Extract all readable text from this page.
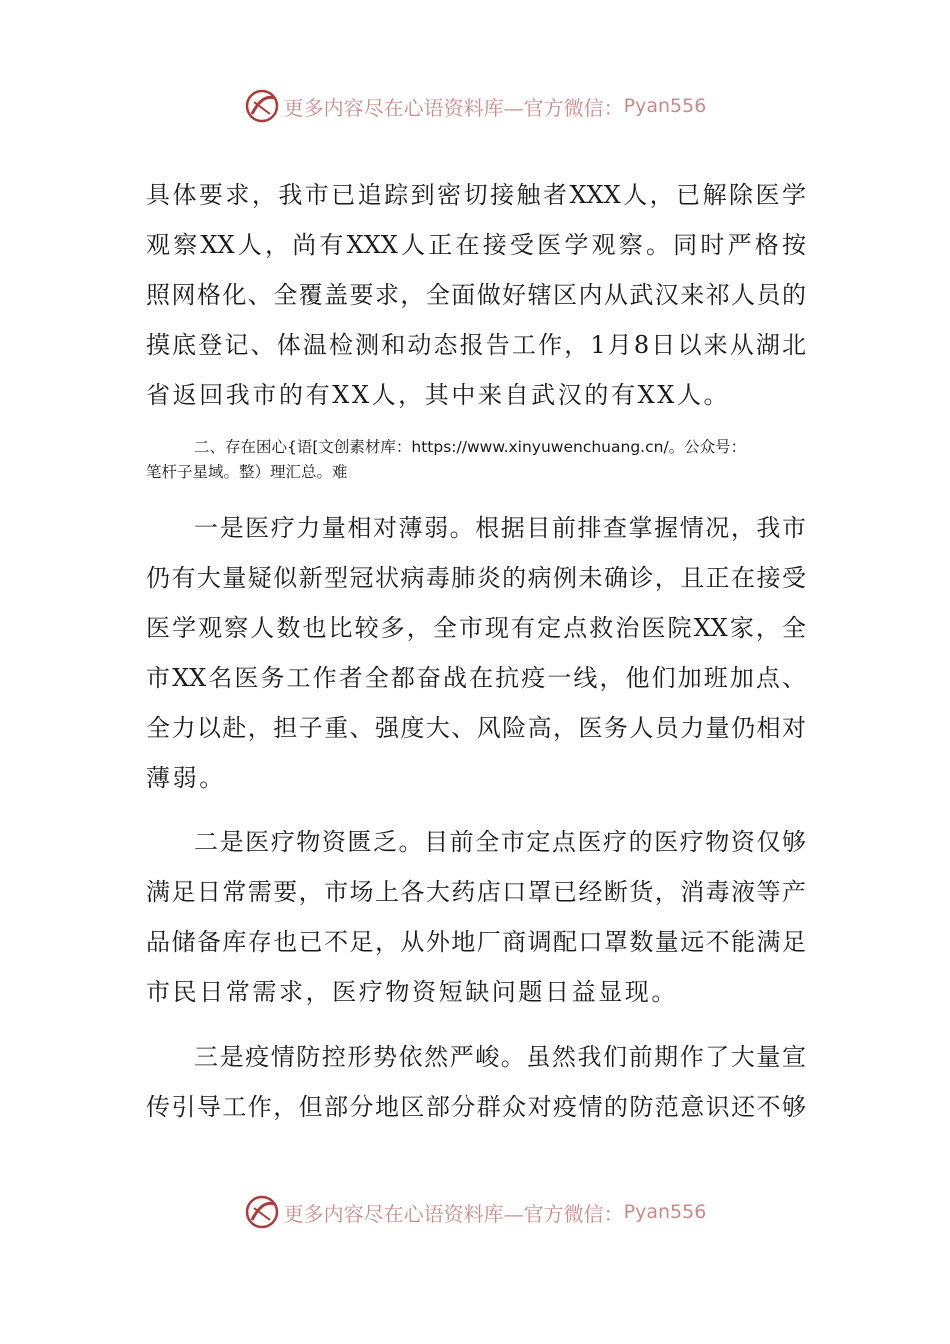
更多内容尽在心语资料库—官方微信： Pyan556
具体要求，我市已追踪到密切接触者XXX人，已解除医学
观察XX人，尚有XXX人正在接受医学观察。同时严格按
照网格化、全覆盖要求，全面做好辖区内从武汉来祁人员的
摸底登记、体温检测和动态报告工作，1月8日以来从湖北
省返回我市的有XX人，其中来自武汉的有XX人。
二、存在困心{语[文创素材库：https://www.xinyuwenchuang.cn/。公众号：
笔杆子星域。整）理汇总。难
一是医疗力量相对薄弱。根据目前排查掌握情况，我市
仍有大量疑似新型冠状病毒肺炎的病例未确诊，且正在接受
医学观察人数也比较多，全市现有定点救治医院XX家，全
市XX名医务工作者全都奋战在抗疫一线，他们加班加点、
全力以赴，担子重、强度大、风险高，医务人员力量仍相对
薄弱。
二是医疗物资匮乏。目前全市定点医疗的医疗物资仅够
满足日常需要，市场上各大药店口罩已经断货，消毒液等产
品储备库存也已不足，从外地厂商调配口罩数量远不能满足
市民日常需求，医疗物资短缺问题日益显现。
三是疫情防控形势依然严峻。虽然我们前期作了大量宣
传引导工作，但部分地区部分群众对疫情的防范意识还不够
更多内容尽在心语资料库—官方微信： Pyan556
